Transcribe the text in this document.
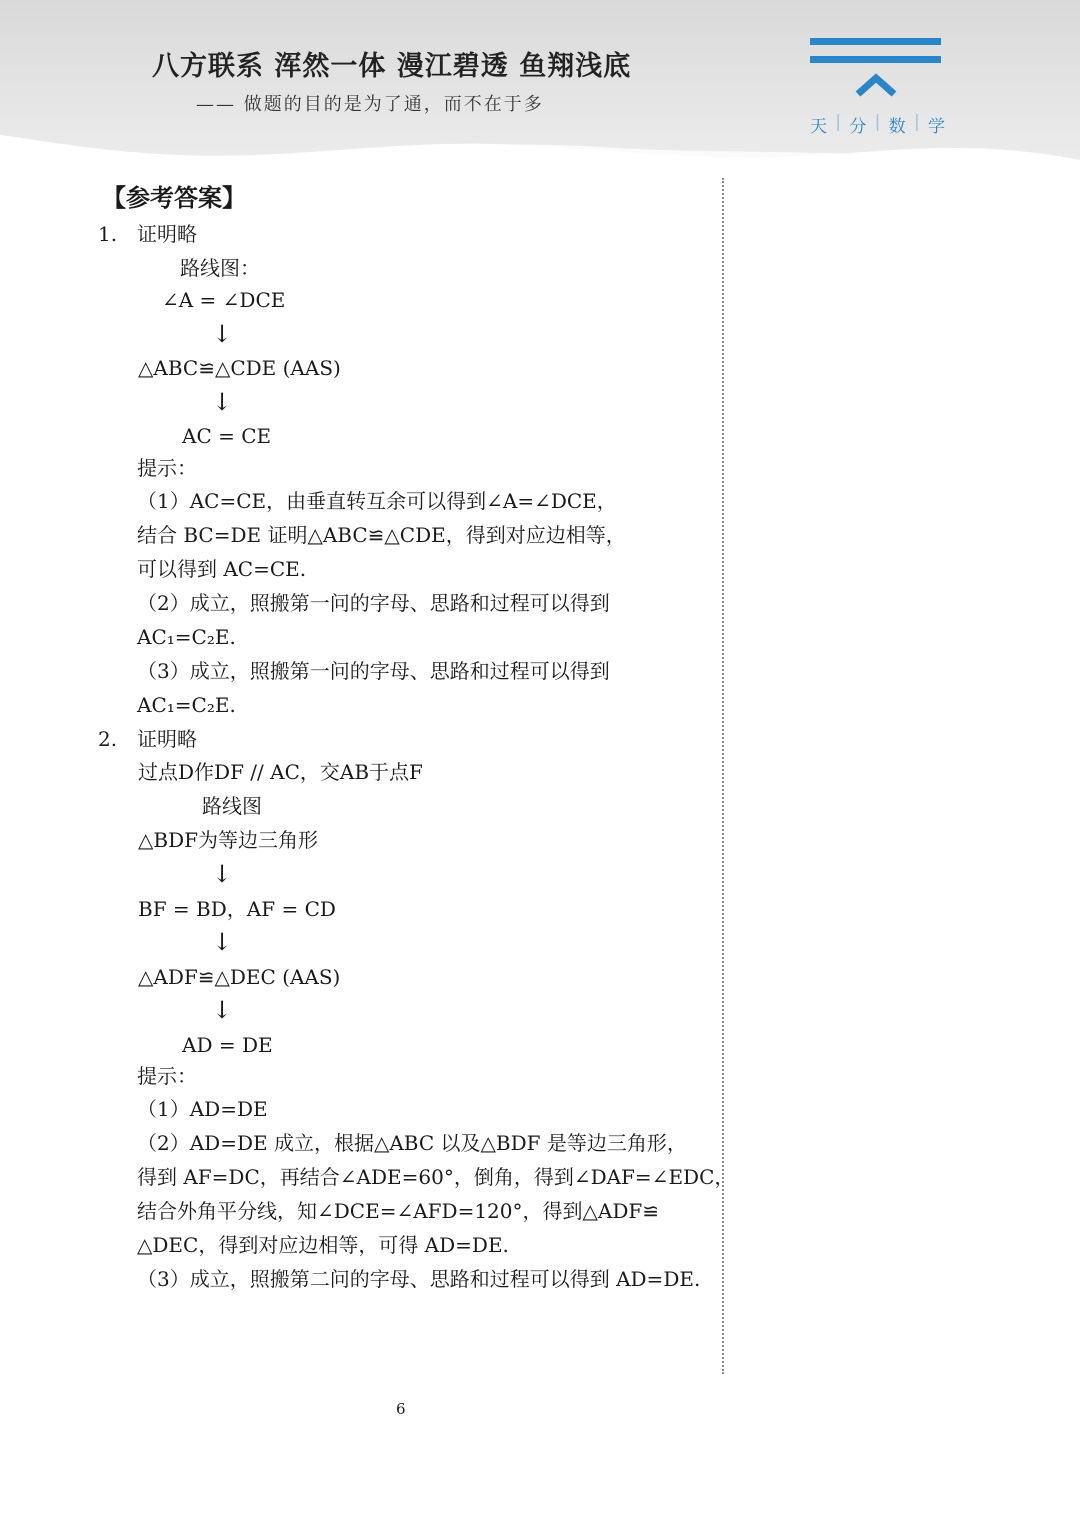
八方联系 浑然一体 漫江碧透 鱼翔浅底
—— 做题的目的是为了通，而不在于多
天 | 分 | 数 | 学
【参考答案】
1. 证明略
路线图：
∠A = ∠DCE
↓
△ABC≌△CDE (AAS)
↓
AC = CE
提示：
（1）AC=CE，由垂直转互余可以得到∠A=∠DCE，
结合 BC=DE 证明△ABC≌△CDE，得到对应边相等，
可以得到 AC=CE.
（2）成立，照搬第一问的字母、思路和过程可以得到
AC₁=C₂E.
（3）成立，照搬第一问的字母、思路和过程可以得到
AC₁=C₂E.
2. 证明略
过点D作DF // AC，交AB于点F
路线图
△BDF为等边三角形
↓
BF = BD，AF = CD
↓
△ADF≌△DEC (AAS)
↓
AD = DE
提示：
（1）AD=DE
（2）AD=DE 成立，根据△ABC 以及△BDF 是等边三角形，
得到 AF=DC，再结合∠ADE=60°，倒角，得到∠DAF=∠EDC，
结合外角平分线，知∠DCE=∠AFD=120°，得到△ADF≌
△DEC，得到对应边相等，可得 AD=DE.
（3）成立，照搬第二问的字母、思路和过程可以得到 AD=DE.
6
